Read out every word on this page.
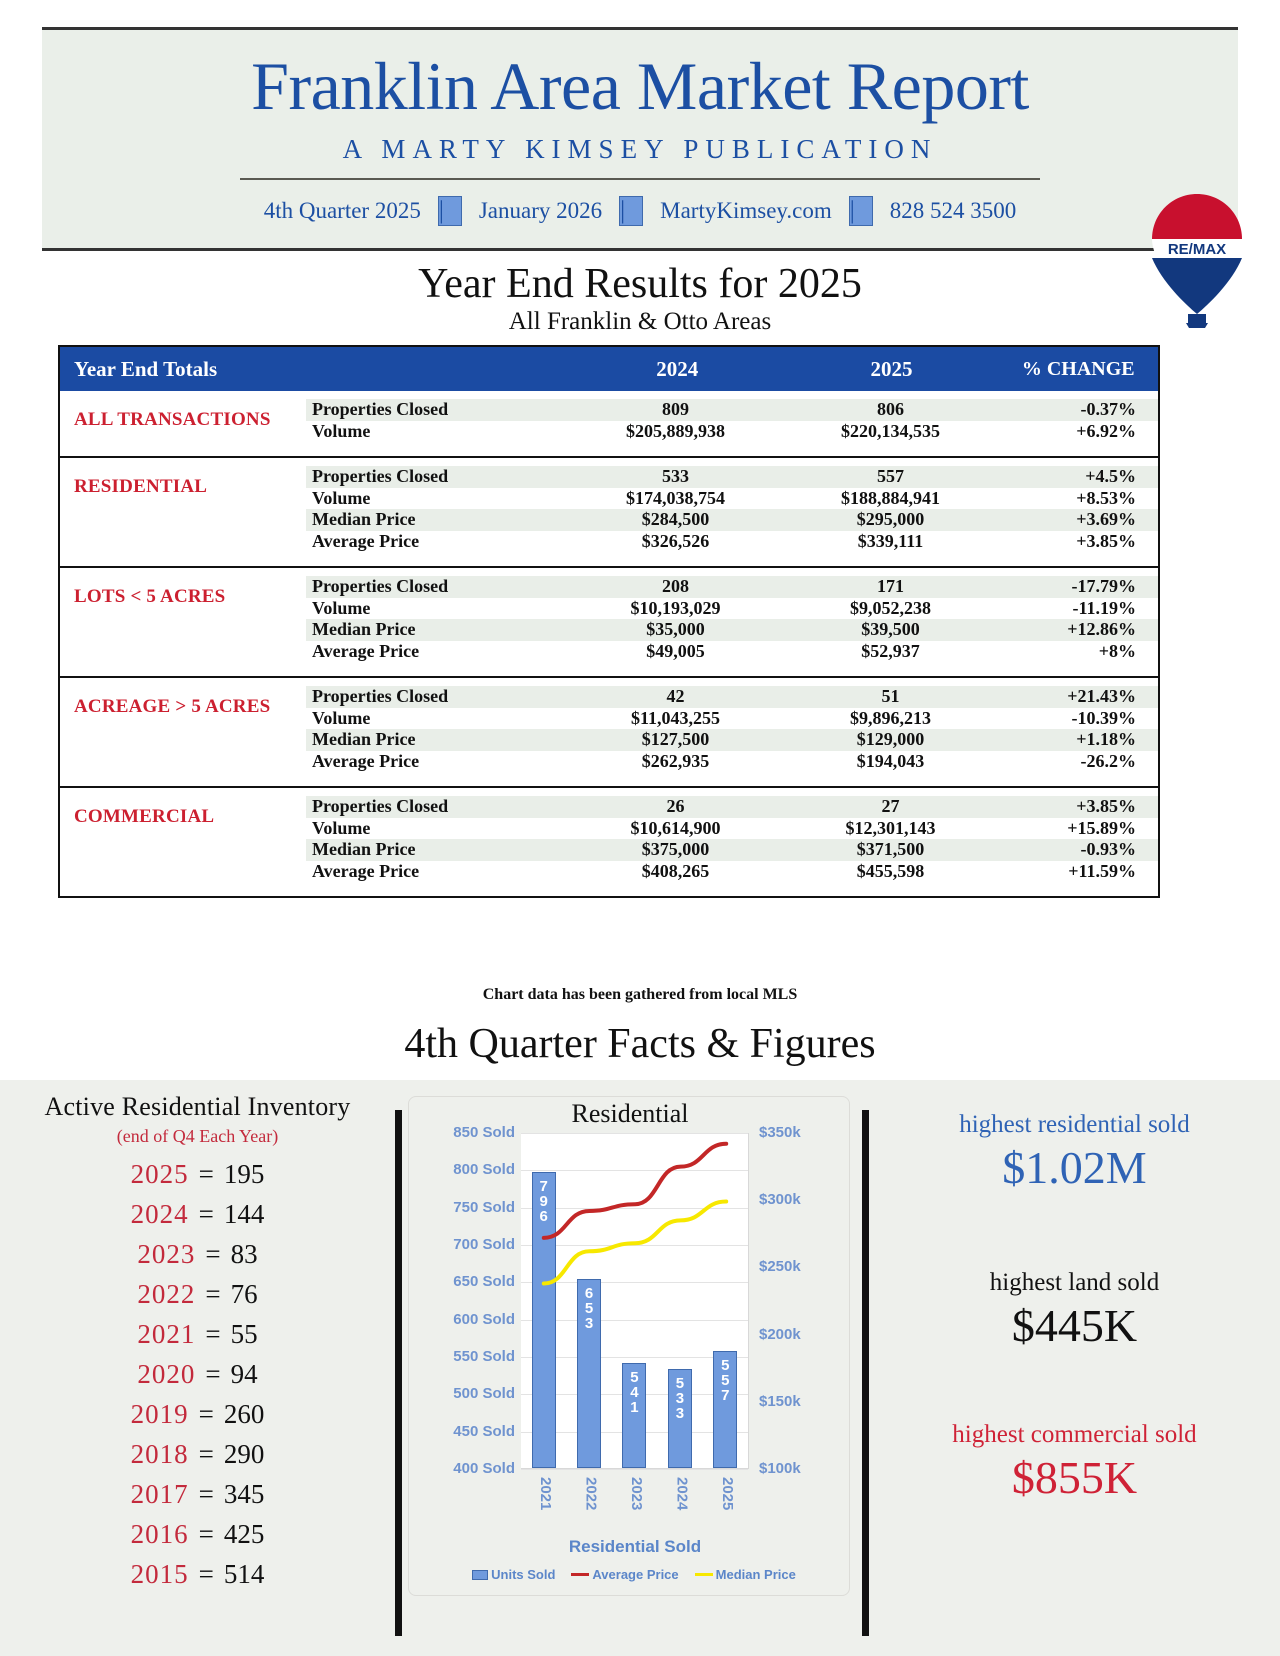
Franklin Area Market Report
A MARTY KIMSEY PUBLICATION
4th Quarter 2025 |	January 2026 |	MartyKimsey.com |	828 524 3500
RE/MAX
Year End Results for 2025
All Franklin & Otto Areas
Year End Totals	2024	2025	% CHANGE
ALL TRANSACTIONS	Properties Closed	809	806	-0.37%
Volume	$205,889,938	$220,134,535	+6.92%
RESIDENTIAL	Properties Closed	533	557	+4.5%
Volume	$174,038,754	$188,884,941	+8.53%
Median Price	$284,500	$295,000	+3.69%
Average Price	$326,526	$339,111	+3.85%
LOTS < 5 ACRES	Properties Closed	208	171	-17.79%
Volume	$10,193,029	$9,052,238	-11.19%
Median Price	$35,000	$39,500	+12.86%
Average Price	$49,005	$52,937	+8%
ACREAGE > 5 ACRES	Properties Closed	42	51	+21.43%
Volume	$11,043,255	$9,896,213	-10.39%
Median Price	$127,500	$129,000	+1.18%
Average Price	$262,935	$194,043	-26.2%
COMMERCIAL	Properties Closed	26	27	+3.85%
Volume	$10,614,900	$12,301,143	+15.89%
Median Price	$375,000	$371,500	-0.93%
Average Price	$408,265	$455,598	+11.59%
Chart data has been gathered from local MLS
4th Quarter Facts & Figures
Active Residential Inventory
(end of Q4 Each Year)
2025 = 195
2024 = 144
2023 = 83
2022 = 76
2021 = 55
2020 = 94
2019 = 260
2018 = 290
2017 = 345
2016 = 425
2015 = 514
Residential
7
9
6
6
5
3
5
4
1
5
3
3
5
5
7
Residential Sold
Units Sold	Average Price	Median Price
400 Sold
450 Sold
500 Sold
550 Sold
600 Sold
650 Sold
700 Sold
750 Sold
800 Sold
850 Sold
$100k
$150k
$200k
$250k
$300k
$350k
2021 2022 2023 2024 2025
highest residential sold
$1.02M
highest land sold
$445K
highest commercial sold
$855K
